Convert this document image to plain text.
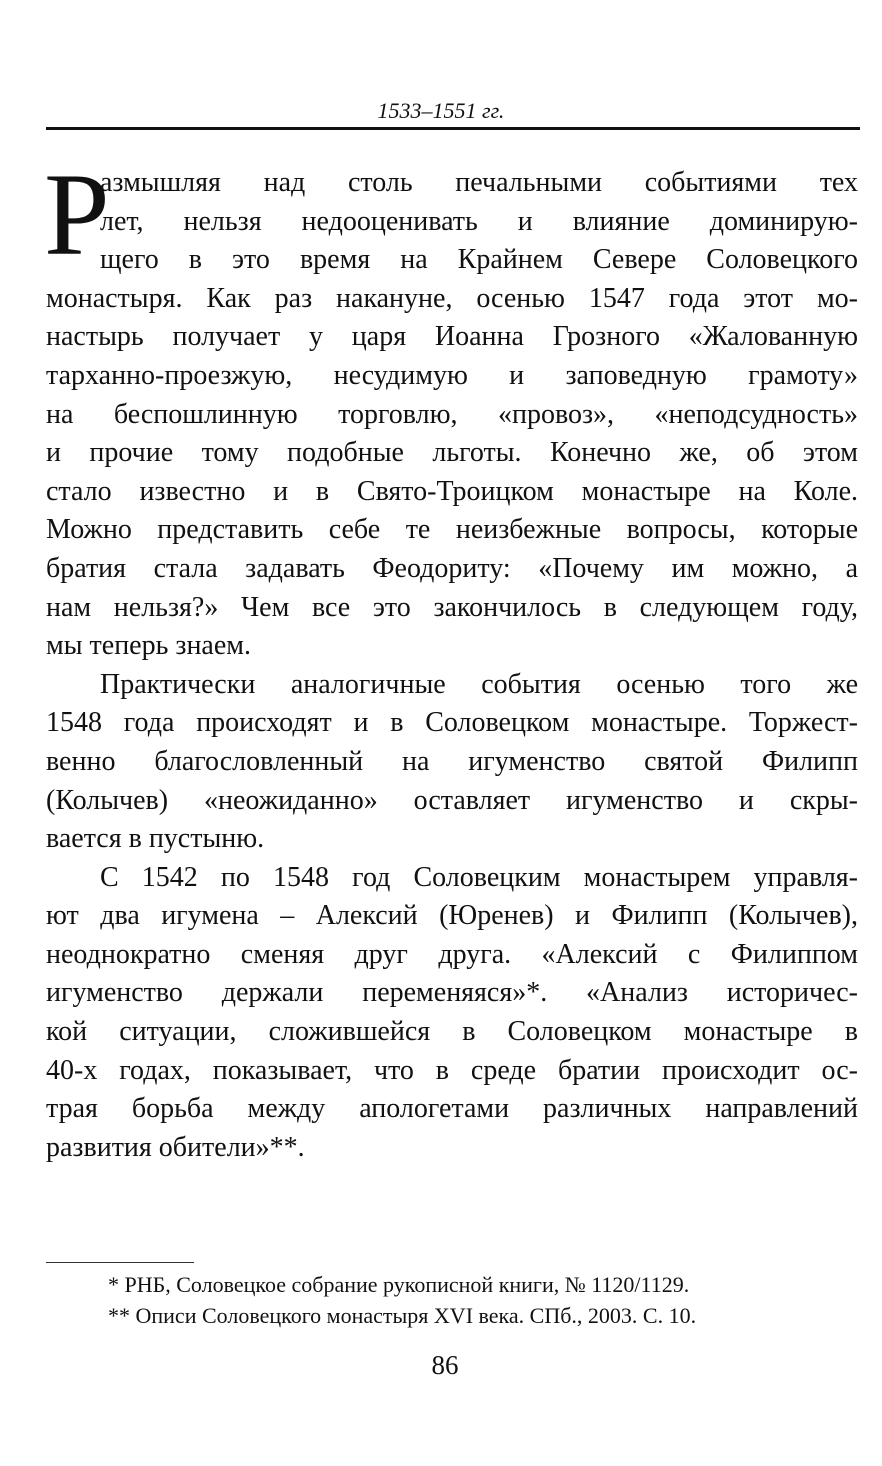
1533–1551 гг.
Р
азмышляя над столь печальными событиями тех
лет, нельзя недооценивать и влияние доминирую-
щего в это время на Крайнем Севере Соловецкого
монастыря. Как раз накануне, осенью 1547 года этот мо-
настырь получает у царя Иоанна Грозного «Жалованную
тарханно-проезжую, несудимую и заповедную грамоту»
на беспошлинную торговлю, «провоз», «неподсудность»
и прочие тому подобные льготы. Конечно же, об этом
стало известно и в Свято-Троицком монастыре на Коле.
Можно представить себе те неизбежные вопросы, которые
братия стала задавать Феодориту: «Почему им можно, а
нам нельзя?» Чем все это закончилось в следующем году,
мы теперь знаем.
Практически аналогичные события осенью того же
1548 года происходят и в Соловецком монастыре. Торжест-
венно благословленный на игуменство святой Филипп
(Колычев) «неожиданно» оставляет игуменство и скры-
вается в пустыню.
С 1542 по 1548 год Соловецким монастырем управля-
ют два игумена – Алексий (Юренев) и Филипп (Колычев),
неоднократно сменяя друг друга. «Алексий с Филиппом
игуменство держали переменяяся»*. «Анализ историчес-
кой ситуации, сложившейся в Соловецком монастыре в
40-х годах, показывает, что в среде братии происходит ос-
трая борьба между апологетами различных направлений
развития обители»**.
* РНБ, Соловецкое собрание рукописной книги, № 1120/1129.
** Описи Соловецкого монастыря XVI века. СПб., 2003. С. 10.
86
